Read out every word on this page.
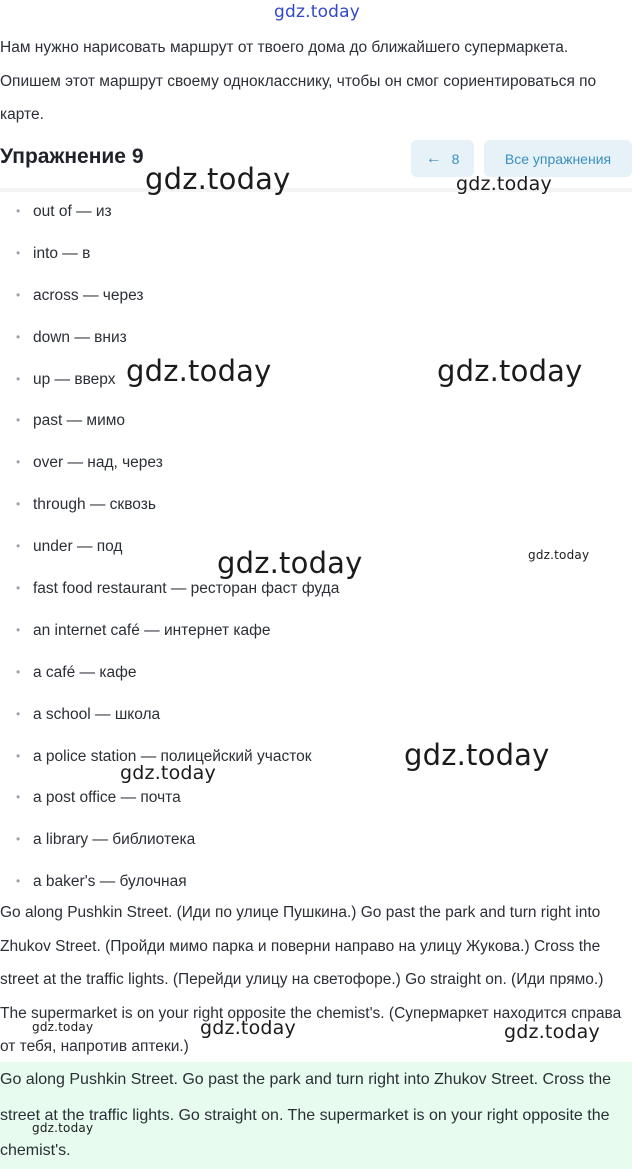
gdz.today
Нам нужно нарисовать маршрут от твоего дома до ближайшего супермаркета. Опишем этот маршрут своему однокласснику, чтобы он смог сориентироваться по карте.
Упражнение 9	← 8	Все упражнения
• out of — из
• into — в
• across — через
• down — вниз
• up — вверх
• past — мимо
• over — над, через
• through — сквозь
• under — под
• fast food restaurant — ресторан фаст фуда
• an internet café — интернет кафе
• a café — кафе
• a school — школа
• a police station — полицейский участок
• a post office — почта
• a library — библиотека
• a baker's — булочная
Go along Pushkin Street. (Иди по улице Пушкина.) Go past the park and turn right into Zhukov Street. (Пройди мимо парка и поверни направо на улицу Жукова.) Cross the street at the traffic lights. (Перейди улицу на светофоре.) Go straight on. (Иди прямо.) The supermarket is on your right opposite the chemist's. (Супермаркет находится справа от тебя, напротив аптеки.)

Go along Pushkin Street. Go past the park and turn right into Zhukov Street. Cross the street at the traffic lights. Go straight on. The supermarket is on your right opposite the chemist's.

gdz.today	gdz.today
gdz.today	gdz.today
gdz.today	gdz.today
gdz.today
gdz.today
gdz.today	gdz.today	gdz.today
gdz.today
